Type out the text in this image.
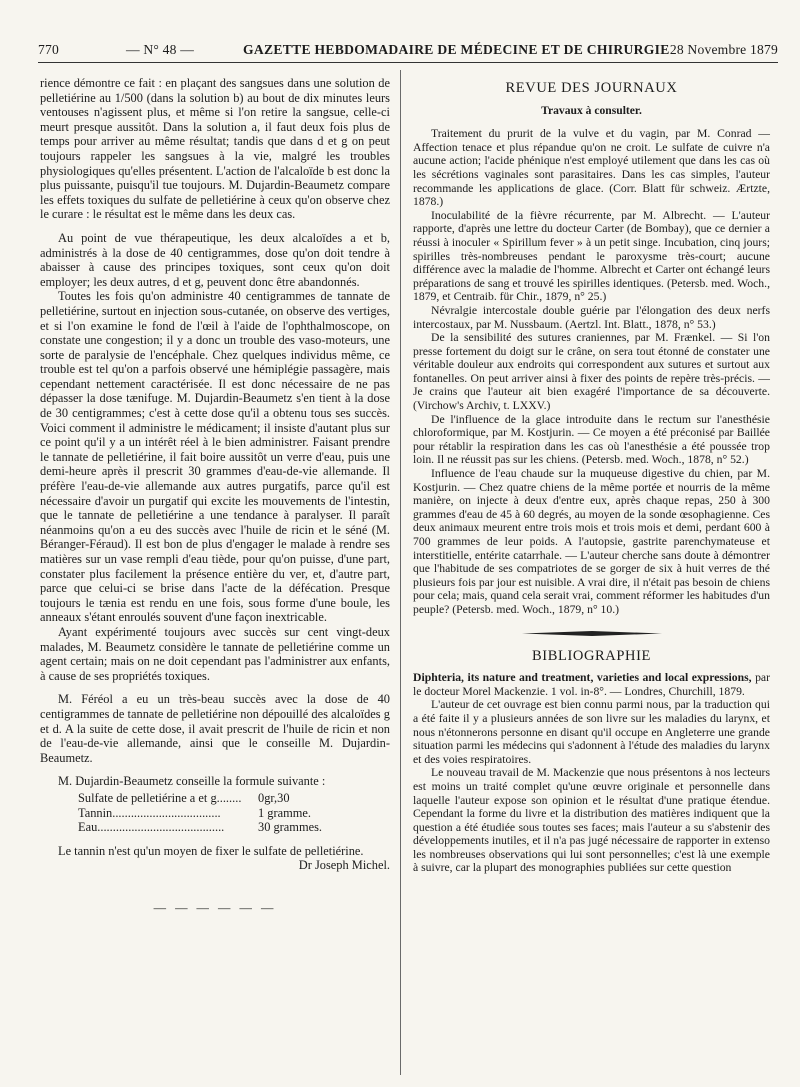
770	— N° 48 —	GAZETTE HEBDOMADAIRE DE MÉDECINE ET DE CHIRURGIE 28 Novembre 1879

rience démontre ce fait : en plaçant des sangsues dans une solution de pelletiérine au 1/500 (dans la solution b) au bout de dix minutes leurs ventouses n'agissent plus, et même si l'on retire la sangsue, celle-ci meurt presque aussitôt. Dans la solution a, il faut deux fois plus de temps pour arriver au même résultat; tandis que dans d et g on peut toujours rappeler les sangsues à la vie, malgré les troubles physiologiques qu'elles présentent. L'action de l'alcaloïde b est donc la plus puissante, puisqu'il tue toujours. M. Dujardin-Beaumetz compare les effets toxiques du sulfate de pelletiérine à ceux qu'on observe chez le curare : le résultat est le même dans les deux cas.

Au point de vue thérapeutique, les deux alcaloïdes a et b, administrés à la dose de 40 centigrammes, dose qu'on doit tendre à abaisser à cause des principes toxiques, sont ceux qu'on doit employer; les deux autres, d et g, peuvent donc être abandonnés.

Toutes les fois qu'on administre 40 centigrammes de tannate de pelletiérine, surtout en injection sous-cutanée, on observe des vertiges, et si l'on examine le fond de l'œil à l'aide de l'ophthalmoscope, on constate une congestion; il y a donc un trouble des vaso-moteurs, une sorte de paralysie de l'encéphale. Chez quelques individus même, ce trouble est tel qu'on a parfois observé une hémiplégie passagère, mais cependant nettement caractérisée. Il est donc nécessaire de ne pas dépasser la dose tænifuge. M. Dujardin-Beaumetz s'en tient à la dose de 30 centigrammes; c'est à cette dose qu'il a obtenu tous ses succès. Voici comment il administre le médicament; il insiste d'autant plus sur ce point qu'il y a un intérêt réel à le bien administrer. Faisant prendre le tannate de pelletiérine, il fait boire aussitôt un verre d'eau, puis une demi-heure après il prescrit 30 grammes d'eau-de-vie allemande. Il préfère l'eau-de-vie allemande aux autres purgatifs, parce qu'il est nécessaire d'avoir un purgatif qui excite les mouvements de l'intestin, que le tannate de pelletiérine a une tendance à paralyser. Il paraît néanmoins qu'on a eu des succès avec l'huile de ricin et le séné (M. Béranger-Féraud). Il est bon de plus d'engager le malade à rendre ses matières sur un vase rempli d'eau tiède, pour qu'on puisse, d'une part, constater plus facilement la présence entière du ver, et, d'autre part, parce que celui-ci se brise dans l'acte de la défécation. Presque toujours le tænia est rendu en une fois, sous forme d'une boule, les anneaux s'étant enroulés souvent d'une façon inextricable.

Ayant expérimenté toujours avec succès sur cent vingt-deux malades, M. Beaumetz considère le tannate de pelletiérine comme un agent certain; mais on ne doit cependant pas l'administrer aux enfants, à cause de ses propriétés toxiques.

M. Féréol a eu un très-beau succès avec la dose de 40 centigrammes de tannate de pelletiérine non dépouillé des alcaloïdes g et d. A la suite de cette dose, il avait prescrit de l'huile de ricin et non de l'eau-de-vie allemande, ainsi que le conseille M. Dujardin-Beaumetz.

M. Dujardin-Beaumetz conseille la formule suivante :

Sulfate de pelletiérine a et g........	0gr,30
Tannin...................................	1 gramme.
Eau.........................................	30 grammes.

Le tannin n'est qu'un moyen de fixer le sulfate de pelletiérine.

Dr Joseph Michel.

— — — — — —
REVUE DES JOURNAUX
Travaux à consulter.

Traitement du prurit de la vulve et du vagin, par M. Conrad — Affection tenace et plus répandue qu'on ne croit. Le sulfate de cuivre n'a aucune action; l'acide phénique n'est employé utilement que dans les cas où les sécrétions vaginales sont parasitaires. Dans les cas simples, l'auteur recommande les applications de glace. (Corr. Blatt für schweiz. Ærtzte, 1878.)

Inoculabilité de la fièvre récurrente, par M. Albrecht. — L'auteur rapporte, d'après une lettre du docteur Carter (de Bombay), que ce dernier a réussi à inoculer « Spirillum fever » à un petit singe. Incubation, cinq jours; spirilles très-nombreuses pendant le paroxysme très-court; aucune différence avec la maladie de l'homme. Albrecht et Carter ont échangé leurs préparations de sang et trouvé les spirilles identiques. (Petersb. med. Woch., 1879, et Centraib. für Chir., 1879, n° 25.)

Névralgie intercostale double guérie par l'élongation des deux nerfs intercostaux, par M. Nussbaum. (Aertzl. Int. Blatt., 1878, n° 53.)

De la sensibilité des sutures craniennes, par M. Frænkel. — Si l'on presse fortement du doigt sur le crâne, on sera tout étonné de constater une véritable douleur aux endroits qui correspondent aux sutures et surtout aux fontanelles. On peut arriver ainsi à fixer des points de repère très-précis. — Je crains que l'auteur ait bien exagéré l'importance de sa découverte. (Virchow's Archiv, t. LXXV.)

De l'influence de la glace introduite dans le rectum sur l'anesthésie chloroformique, par M. Kostjurin. — Ce moyen a été préconisé par Baillée pour rétablir la respiration dans les cas où l'anesthésie a été poussée trop loin. Il ne réussit pas sur les chiens. (Petersb. med. Woch., 1878, n° 52.)

Influence de l'eau chaude sur la muqueuse digestive du chien, par M. Kostjurin. — Chez quatre chiens de la même portée et nourris de la même manière, on injecte à deux d'entre eux, après chaque repas, 250 à 300 grammes d'eau de 45 à 60 degrés, au moyen de la sonde œsophagienne. Ces deux animaux meurent entre trois mois et trois mois et demi, perdant 600 à 700 grammes de leur poids. A l'autopsie, gastrite parenchymateuse et interstitielle, entérite catarrhale. — L'auteur cherche sans doute à démontrer que l'habitude de ses compatriotes de se gorger de six à huit verres de thé plusieurs fois par jour est nuisible. A vrai dire, il n'était pas besoin de chiens pour cela; mais, quand cela serait vrai, comment réformer les habitudes d'un peuple? (Petersb. med. Woch., 1879, n° 10.)

BIBLIOGRAPHIE

Diphteria, its nature and treatment, varieties and local expressions, par le docteur Morel Mackenzie. 1 vol. in-8°. — Londres, Churchill, 1879.

L'auteur de cet ouvrage est bien connu parmi nous, par la traduction qui a été faite il y a plusieurs années de son livre sur les maladies du larynx, et nous n'étonnerons personne en disant qu'il occupe en Angleterre une grande situation parmi les médecins qui s'adonnent à l'étude des maladies du larynx et des voies respiratoires.

Le nouveau travail de M. Mackenzie que nous présentons à nos lecteurs est moins un traité complet qu'une œuvre originale et personnelle dans laquelle l'auteur expose son opinion et le résultat d'une pratique étendue. Cependant la forme du livre et la distribution des matières indiquent que la question a été étudiée sous toutes ses faces; mais l'auteur a su s'abstenir des développements inutiles, et il n'a pas jugé nécessaire de rapporter in extenso les nombreuses observations qui lui sont personnelles; c'est là une exemple à suivre, car la plupart des monographies publiées sur cette question
